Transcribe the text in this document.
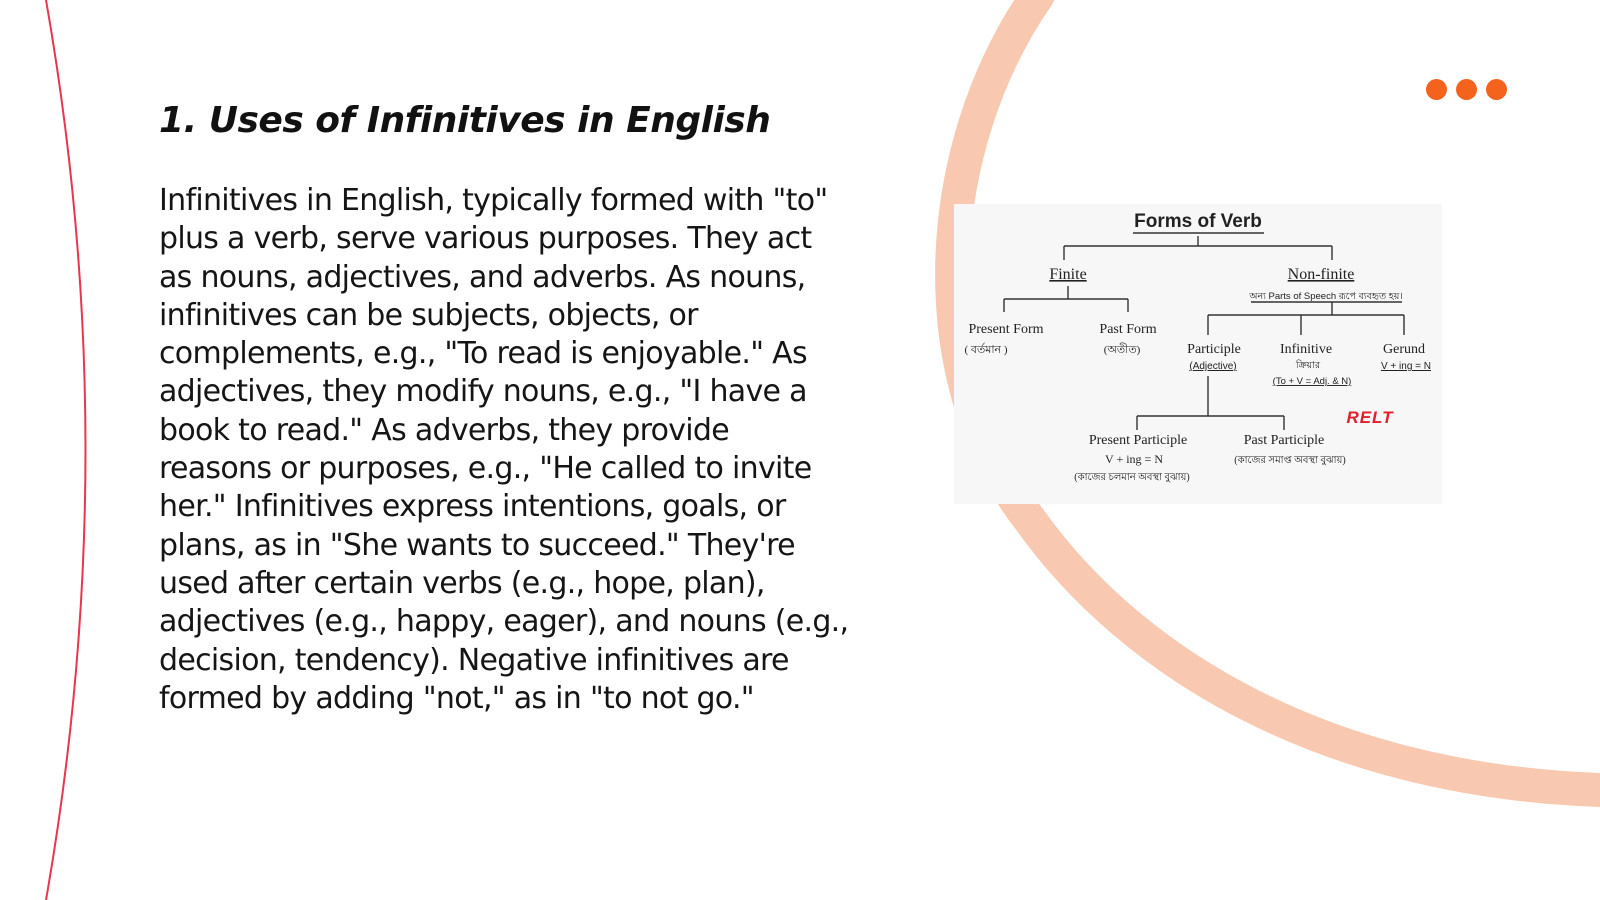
1. Uses of Infinitives in English

Infinitives in English, typically formed with "to" plus a verb, serve various purposes. They act as nouns, adjectives, and adverbs. As nouns, infinitives can be subjects, objects, or complements, e.g., "To read is enjoyable." As adjectives, they modify nouns, e.g., "I have a book to read." As adverbs, they provide reasons or purposes, e.g., "He called to invite her." Infinitives express intentions, goals, or plans, as in "She wants to succeed." They're used after certain verbs (e.g., hope, plan), adjectives (e.g., happy, eager), and nouns (e.g., decision, tendency). Negative infinitives are formed by adding "not," as in "to not go."

Forms of Verb
Finite
Present Form
( বর্তমান )
Past Form
(অতীত)
Non-finite
অন্য Parts of Speech রূপে ব্যবহৃত হয়।
Participle
(Adjective)
Infinitive
ক্রিয়ার
(To + V = Adj. & N)
Gerund
V + ing = N
Present Participle
V + ing = N
(কাজের চলমান অবস্থা বুঝায়)
Past Participle
(কাজের সমাপ্ত অবস্থা বুঝায়)
RELT
